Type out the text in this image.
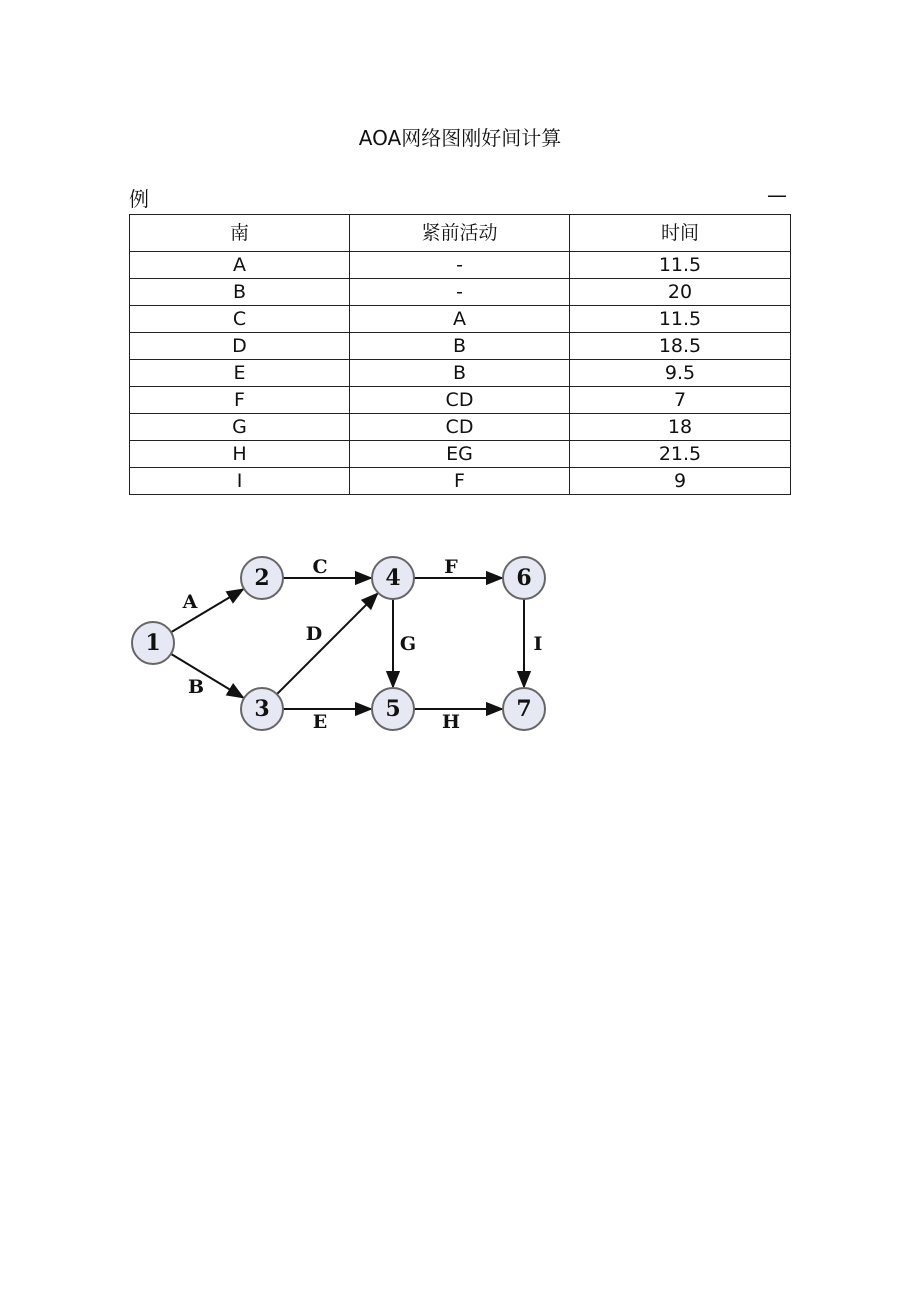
AOA网络图刚好间计算
例	—
南	紧前活动	时间
A	-	11.5
B	-	20
C	A	11.5
D	B	18.5
E	B	9.5
F	CD	7
G	CD	18
H	EG	21.5
I	F	9
A
B
C
D
E
F
G
H
I
1
2
3
4
5
6
7
